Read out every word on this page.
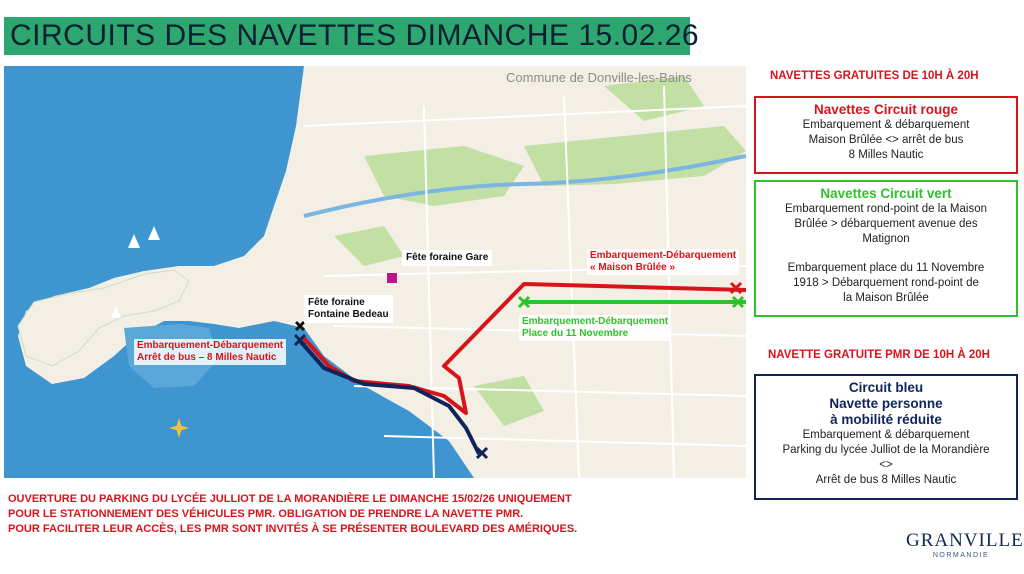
CIRCUITS DES NAVETTES DIMANCHE 15.02.26
Commune de Donville-les-Bains
Fête foraine Gare
Fête foraine
Fontaine Bedeau
Embarquement-Débarquement
« Maison Brûlée »
Embarquement-Débarquement
Place du 11 Novembre
Embarquement-Débarquement
Arrêt de bus – 8 Milles Nautic
NAVETTES GRATUITES DE 10H À 20H

Navettes Circuit rouge

Embarquement & débarquement

Maison Brûlée <> arrêt de bus

8 Milles Nautic

Navettes Circuit vert

Embarquement rond-point de la Maison

Brûlée > débarquement avenue des

Matignon

Embarquement place du 11 Novembre

1918 > Débarquement rond-point de

la Maison Brûlée

NAVETTE GRATUITE PMR DE 10H À 20H

Circuit bleu

Navette personne

à mobilité réduite

Embarquement & débarquement

Parking du lycée Julliot de la Morandière

<>

Arrêt de bus 8 Milles Nautic

OUVERTURE DU PARKING DU LYCÉE JULLIOT DE LA MORANDIÈRE LE DIMANCHE 15/02/26 UNIQUEMENT
POUR LE STATIONNEMENT DES VÉHICULES PMR. OBLIGATION DE PRENDRE LA NAVETTE PMR.
POUR FACILITER LEUR ACCÈS, LES PMR SONT INVITÉS À SE PRÉSENTER BOULEVARD DES AMÉRIQUES.
GRANVILLE
NORMANDIE
